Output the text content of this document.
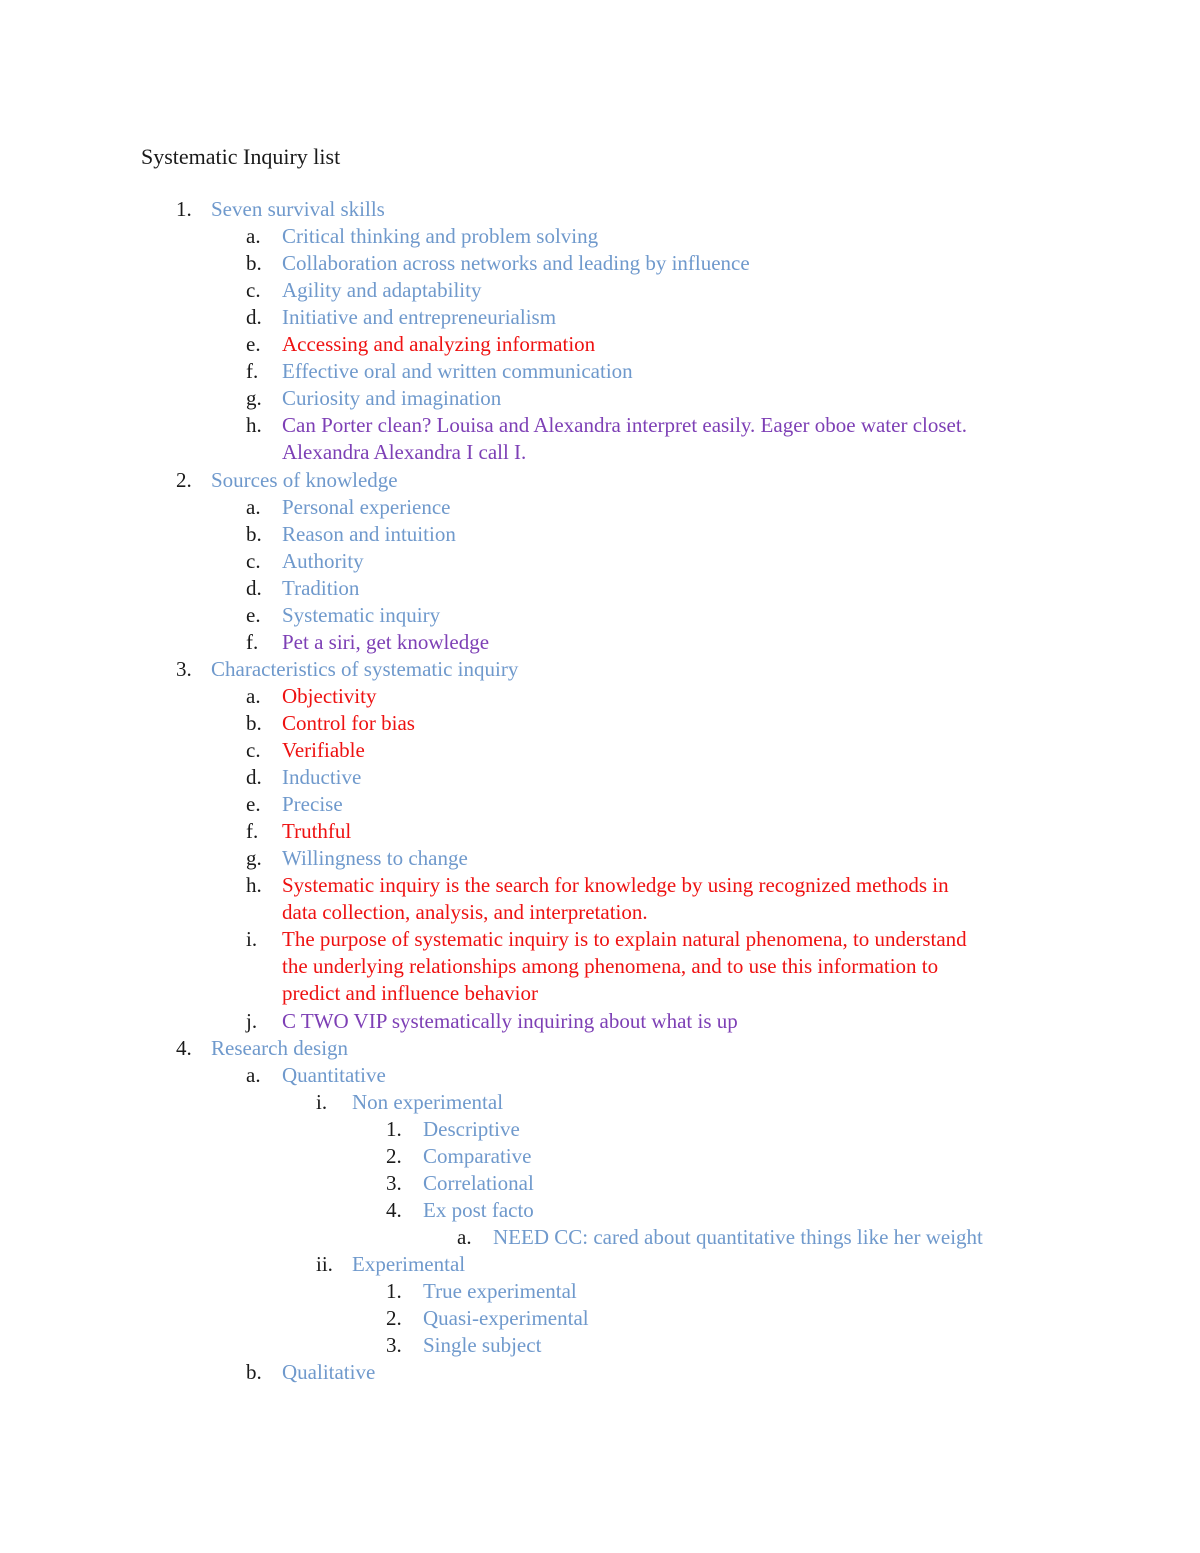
Systematic Inquiry list
1. Seven survival skills
a. Critical thinking and problem solving
b. Collaboration across networks and leading by influence
c. Agility and adaptability
d. Initiative and entrepreneurialism
e. Accessing and analyzing information
f. Effective oral and written communication
g. Curiosity and imagination
h. Can Porter clean? Louisa and Alexandra interpret easily. Eager oboe water closet.
Alexandra Alexandra I call I.
2. Sources of knowledge
a. Personal experience
b. Reason and intuition
c. Authority
d. Tradition
e. Systematic inquiry
f. Pet a siri, get knowledge
3. Characteristics of systematic inquiry
a. Objectivity
b. Control for bias
c. Verifiable
d. Inductive
e. Precise
f. Truthful
g. Willingness to change
h. Systematic inquiry is the search for knowledge by using recognized methods in
data collection, analysis, and interpretation.
i. The purpose of systematic inquiry is to explain natural phenomena, to understand
the underlying relationships among phenomena, and to use this information to
predict and influence behavior
j. C TWO VIP systematically inquiring about what is up
4. Research design
a. Quantitative
i. Non experimental
1. Descriptive
2. Comparative
3. Correlational
4. Ex post facto
a. NEED CC: cared about quantitative things like her weight
ii. Experimental
1. True experimental
2. Quasi-experimental
3. Single subject
b. Qualitative
